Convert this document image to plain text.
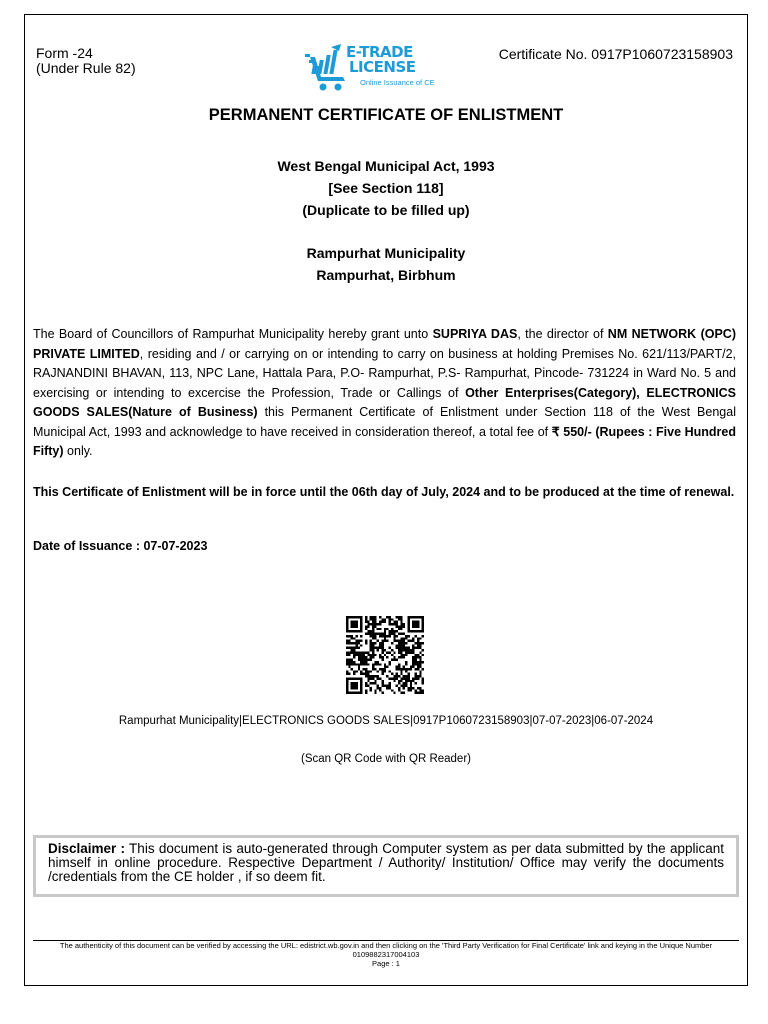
Form -24
(Under Rule 82)
E-TRADE
LICENSE
Online Issuance of CE
Certificate No. 0917P1060723158903
PERMANENT CERTIFICATE OF ENLISTMENT
West Bengal Municipal Act, 1993
[See Section 118]
(Duplicate to be filled up)
Rampurhat Municipality
Rampurhat, Birbhum
The Board of Councillors of Rampurhat Municipality hereby grant unto SUPRIYA DAS, the director of NM NETWORK (OPC) PRIVATE LIMITED, residing and / or carrying on or intending to carry on business at holding Premises No. 621/113/PART/2, RAJNANDINI BHAVAN, 113, NPC Lane, Hattala Para, P.O- Rampurhat, P.S- Rampurhat, Pincode- 731224 in Ward No. 5 and exercising or intending to excercise the Profession, Trade or Callings of Other Enterprises(Category), ELECTRONICS GOODS SALES(Nature of Business) this Permanent Certificate of Enlistment under Section 118 of the West Bengal Municipal Act, 1993 and acknowledge to have received in consideration thereof, a total fee of ₹ 550/- (Rupees : Five Hundred Fifty) only.
This Certificate of Enlistment will be in force until the 06th day of July, 2024 and to be produced at the time of renewal.
Date of Issuance : 07-07-2023
Rampurhat Municipality|ELECTRONICS GOODS SALES|0917P1060723158903|07-07-2023|06-07-2024
(Scan QR Code with QR Reader)
Disclaimer : This document is auto-generated through Computer system as per data submitted by the applicant himself in online procedure. Respective Department / Authority/ Institution/ Office may verify the documents /credentials from the CE holder , if so deem fit.
The authenticity of this document can be verified by accessing the URL: edistrict.wb.gov.in and then clicking on the 'Third Party Verification for Final Certificate' link and keying in the Unique Number 0109882317004103
Page : 1
